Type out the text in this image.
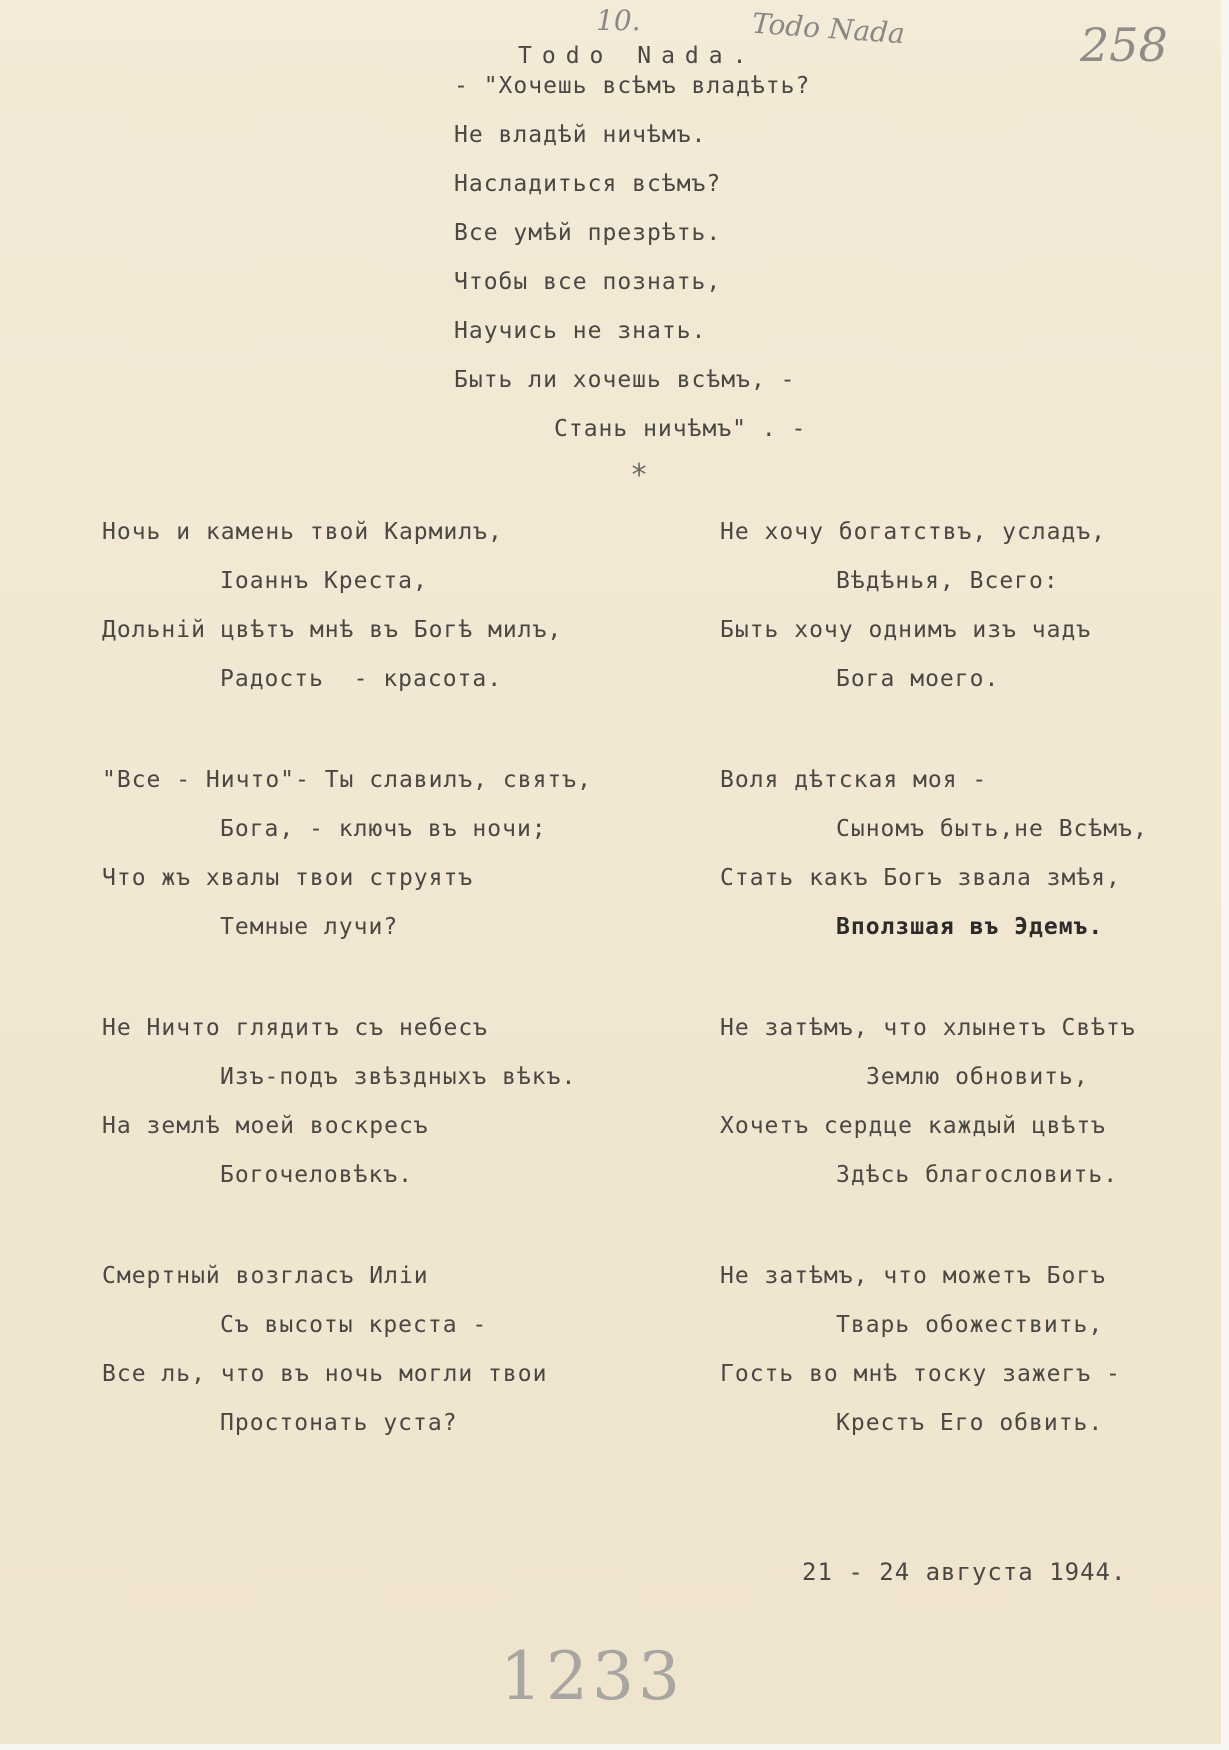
10.	Todo Nada	258
1233
Todo Nada.
- "Хочешь всѣмъ владѣть?
Не владѣй ничѣмъ.
Насладиться всѣмъ?
Все умѣй презрѣть.
Чтобы все познать,
Научись не знать.
Быть ли хочешь всѣмъ, -
Стань ничѣмъ" . -
*
Ночь и камень твой Кармилъ,
Іоаннъ Креста,
Дольній цвѣтъ мнѣ въ Богѣ милъ,
Радость  - красота.
"Все - Ничто"- Ты славилъ, святъ,
Бога, - ключъ въ ночи;
Что жъ хвалы твои струятъ
Темные лучи?
Не Ничто глядитъ съ небесъ
Изъ-подъ звѣздныхъ вѣкъ.
На землѣ моей воскресъ
Богочеловѣкъ.
Смертный возгласъ Иліи
Съ высоты креста -
Все ль, что въ ночь могли твои
Простонать уста?
Не хочу богатствъ, усладъ,
Вѣдѣнья, Всего:
Быть хочу однимъ изъ чадъ
Бога моего.
Воля дѣтская моя -
Сыномъ быть,не Всѣмъ,
Стать какъ Богъ звала змѣя,
Вползшая въ Эдемъ.
Не затѣмъ, что хлынетъ Свѣтъ
Землю обновить,
Хочетъ сердце каждый цвѣтъ
Здѣсь благословить.
Не затѣмъ, что можетъ Богъ
Тварь обожествить,
Гость во мнѣ тоску зажегъ -
Крестъ Его обвить.
21 - 24 августа 1944.
